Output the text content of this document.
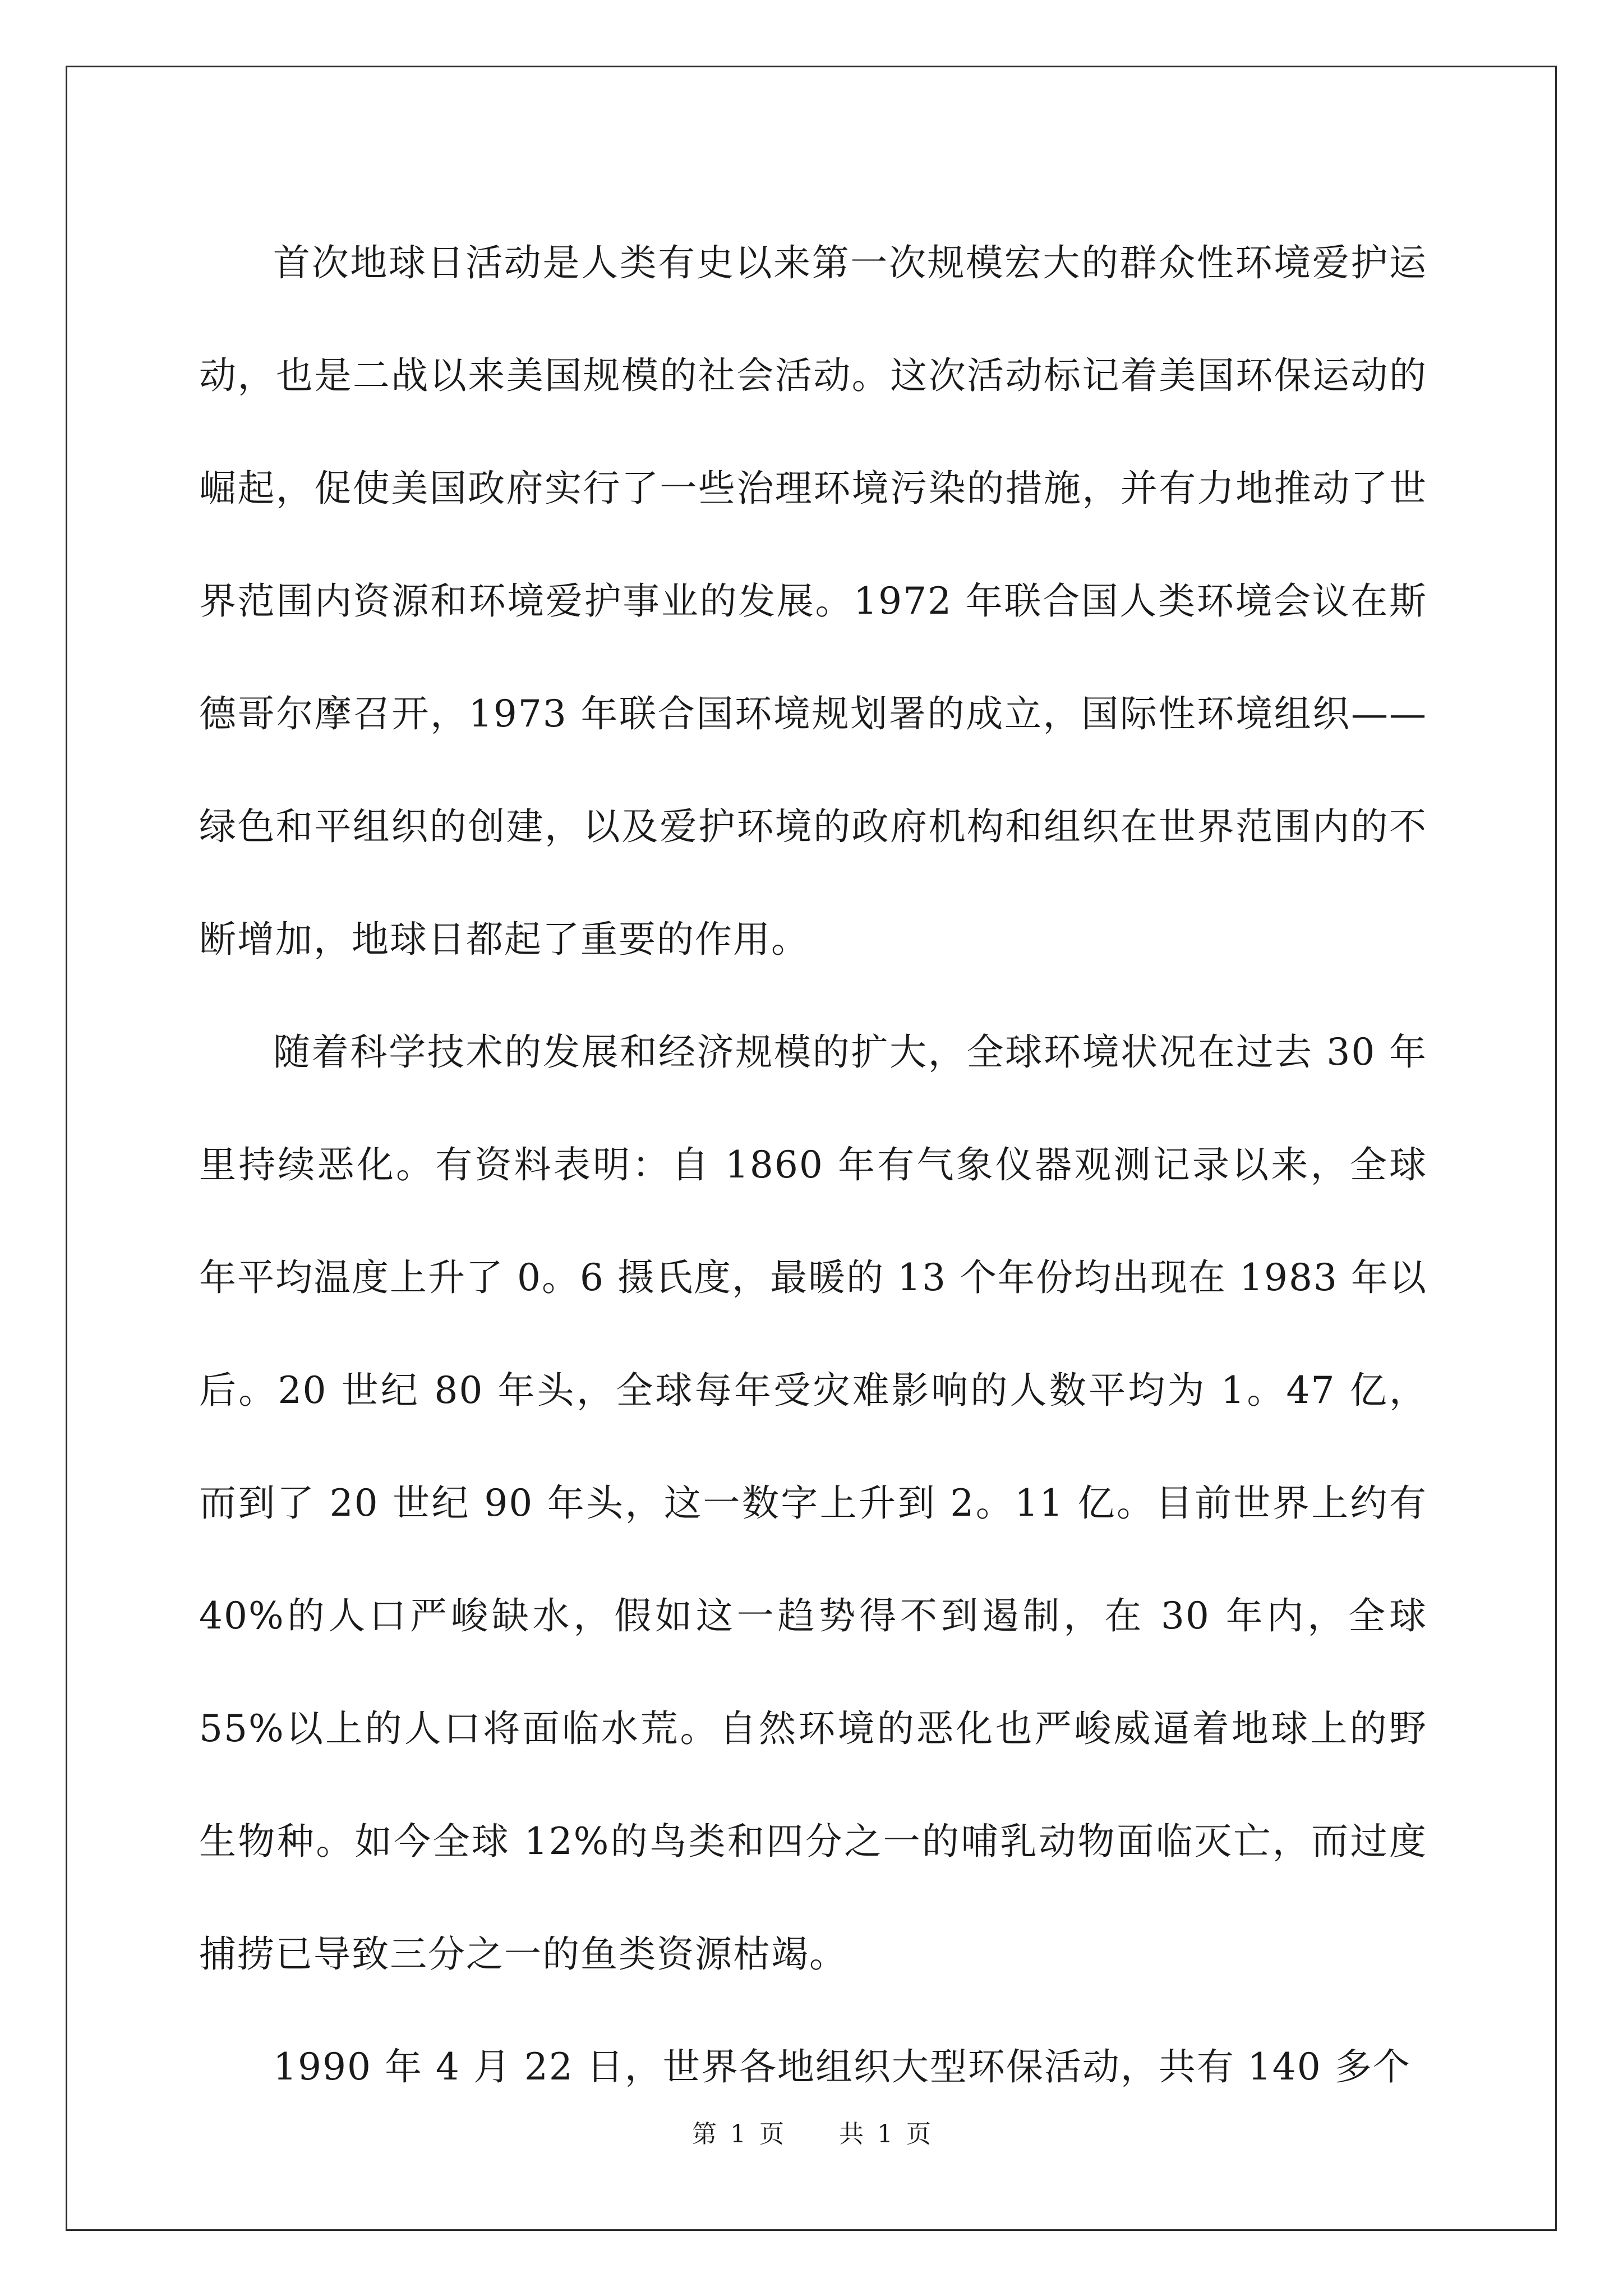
首次地球日活动是人类有史以来第一次规模宏大的群众性环境爱护运动，也是二战以来美国规模的社会活动。这次活动标记着美国环保运动的崛起，促使美国政府实行了一些治理环境污染的措施，并有力地推动了世界范围内资源和环境爱护事业的发展。1972 年联合国人类环境会议在斯德哥尔摩召开，1973 年联合国环境规划署的成立，国际性环境组织——绿色和平组织的创建，以及爱护环境的政府机构和组织在世界范围内的不断增加，地球日都起了重要的作用。

随着科学技术的发展和经济规模的扩大，全球环境状况在过去 30 年里持续恶化。有资料表明：自 1860 年有气象仪器观测记录以来，全球年平均温度上升了 0。6 摄氏度，最暖的 13 个年份均出现在 1983 年以后。20 世纪 80 年头，全球每年受灾难影响的人数平均为 1。47 亿，而到了 20 世纪 90 年头，这一数字上升到 2。11 亿。目前世界上约有 40%的人口严峻缺水，假如这一趋势得不到遏制，在 30 年内，全球 55%以上的人口将面临水荒。自然环境的恶化也严峻威逼着地球上的野生物种。如今全球 12%的鸟类和四分之一的哺乳动物面临灭亡，而过度捕捞已导致三分之一的鱼类资源枯竭。

1990 年 4 月 22 日，世界各地组织大型环保活动，共有 140 多个

第 1 页 共 1 页
